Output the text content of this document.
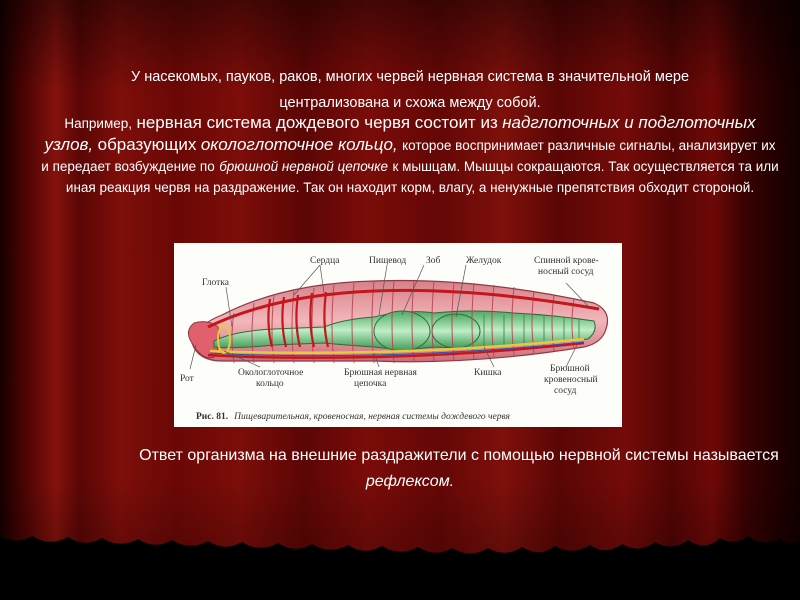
У насекомых, пауков, раков, многих червей нервная система в значительной мере
централизована и схожа между собой.
Например, нервная система дождевого червя состоит из надглоточных и подглоточных узлов, образующих окологлоточное кольцо, которое воспринимает различные сигналы, анализирует их и передает возбуждение по брюшной нервной цепочке к мышцам. Мышцы сокращаются. Так осуществляется та или иная реакция червя на раздражение. Так он находит корм, влагу, а ненужные препятствия обходит стороной.
Сердца	Пищевод Зоб	Желудок	Спинной крове-
носный сосуд
Глотка
Рот
Окологлоточное
кольцо
Брюшная нервная
цепочка
Кишка	Брюшной
кровеносный
сосуд
Рис. 81. Пищеварительная, кровеносная, нервная системы дождевого червя
Ответ организма на внешние раздражители с помощью нервной системы называется рефлексом.
